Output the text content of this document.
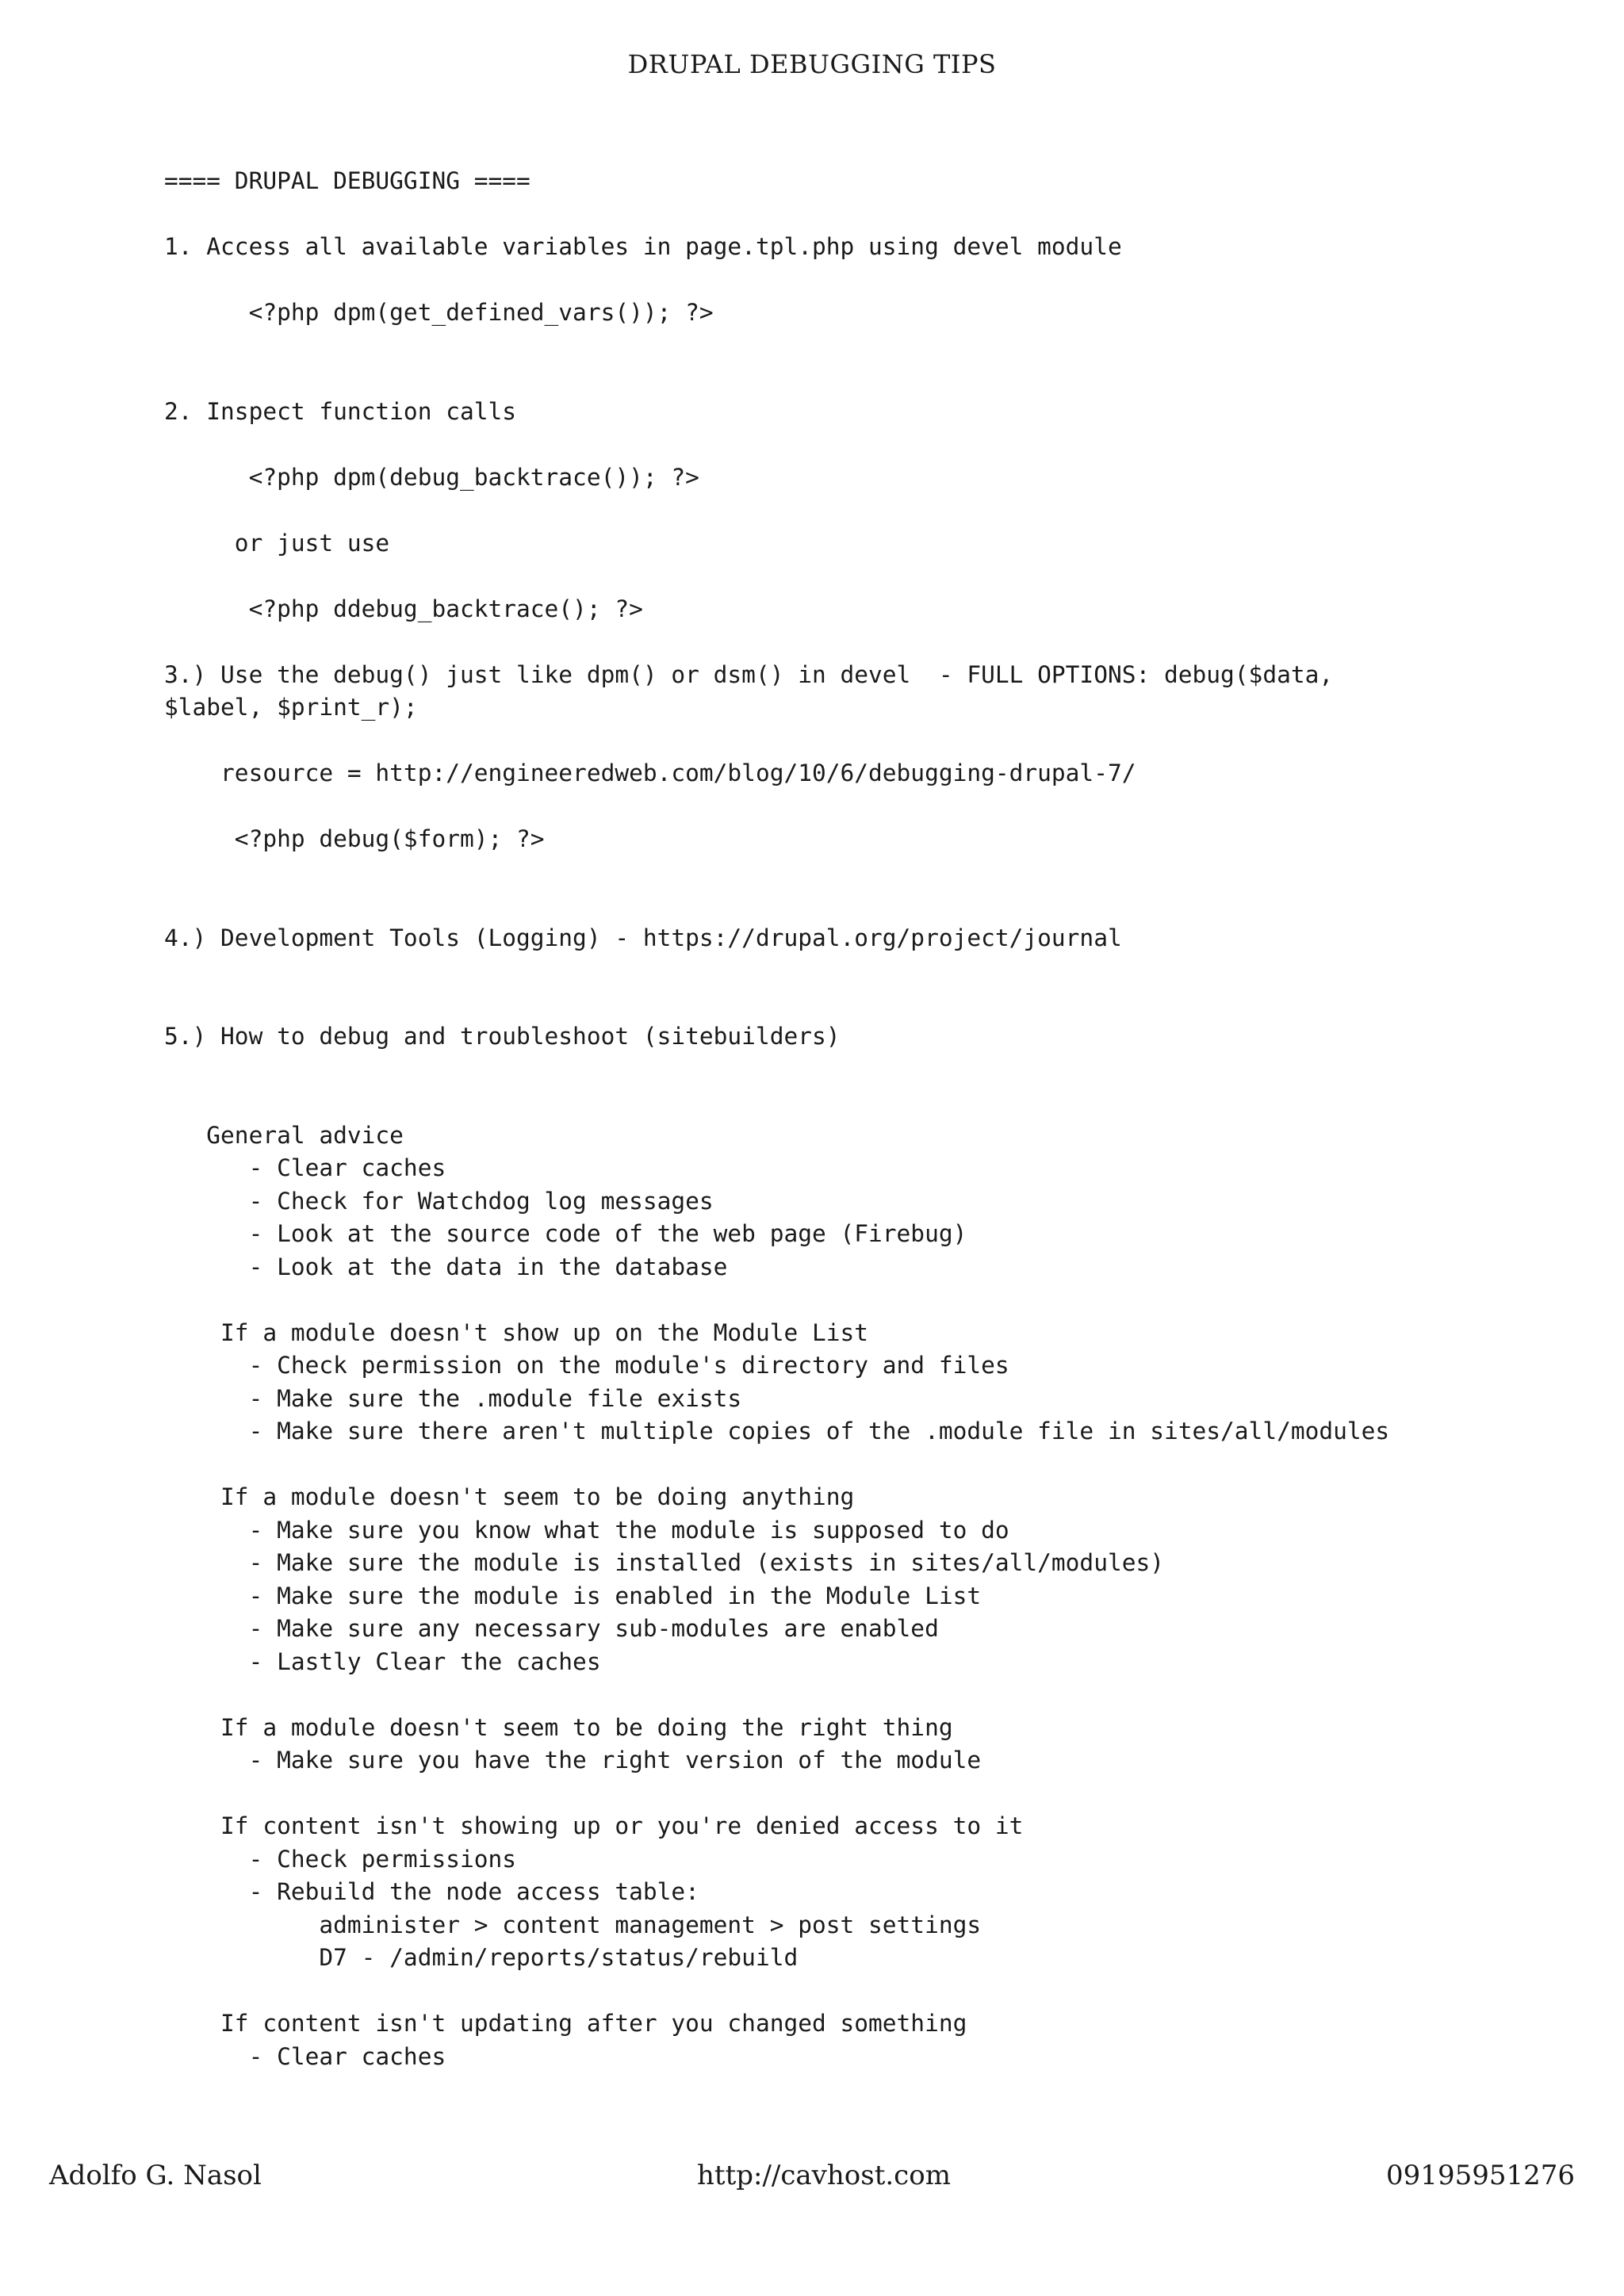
DRUPAL DEBUGGING TIPS
==== DRUPAL DEBUGGING ====
1. Access all available variables in page.tpl.php using devel module
<?php dpm(get_defined_vars()); ?>
2. Inspect function calls
<?php dpm(debug_backtrace()); ?>
or just use
<?php ddebug_backtrace(); ?>
3.) Use the debug() just like dpm() or dsm() in devel  - FULL OPTIONS: debug($data,
$label, $print_r);
resource = http://engineeredweb.com/blog/10/6/debugging-drupal-7/
<?php debug($form); ?>
4.) Development Tools (Logging) - https://drupal.org/project/journal
5.) How to debug and troubleshoot (sitebuilders)
General advice
- Clear caches
- Check for Watchdog log messages
- Look at the source code of the web page (Firebug)
- Look at the data in the database
If a module doesn't show up on the Module List
- Check permission on the module's directory and files
- Make sure the .module file exists
- Make sure there aren't multiple copies of the .module file in sites/all/modules
If a module doesn't seem to be doing anything
- Make sure you know what the module is supposed to do
- Make sure the module is installed (exists in sites/all/modules)
- Make sure the module is enabled in the Module List
- Make sure any necessary sub-modules are enabled
- Lastly Clear the caches
If a module doesn't seem to be doing the right thing
- Make sure you have the right version of the module
If content isn't showing up or you're denied access to it
- Check permissions
- Rebuild the node access table:
administer > content management > post settings
D7 - /admin/reports/status/rebuild
If content isn't updating after you changed something
- Clear caches
Adolfo G. Nasol	http://cavhost.com	09195951276
